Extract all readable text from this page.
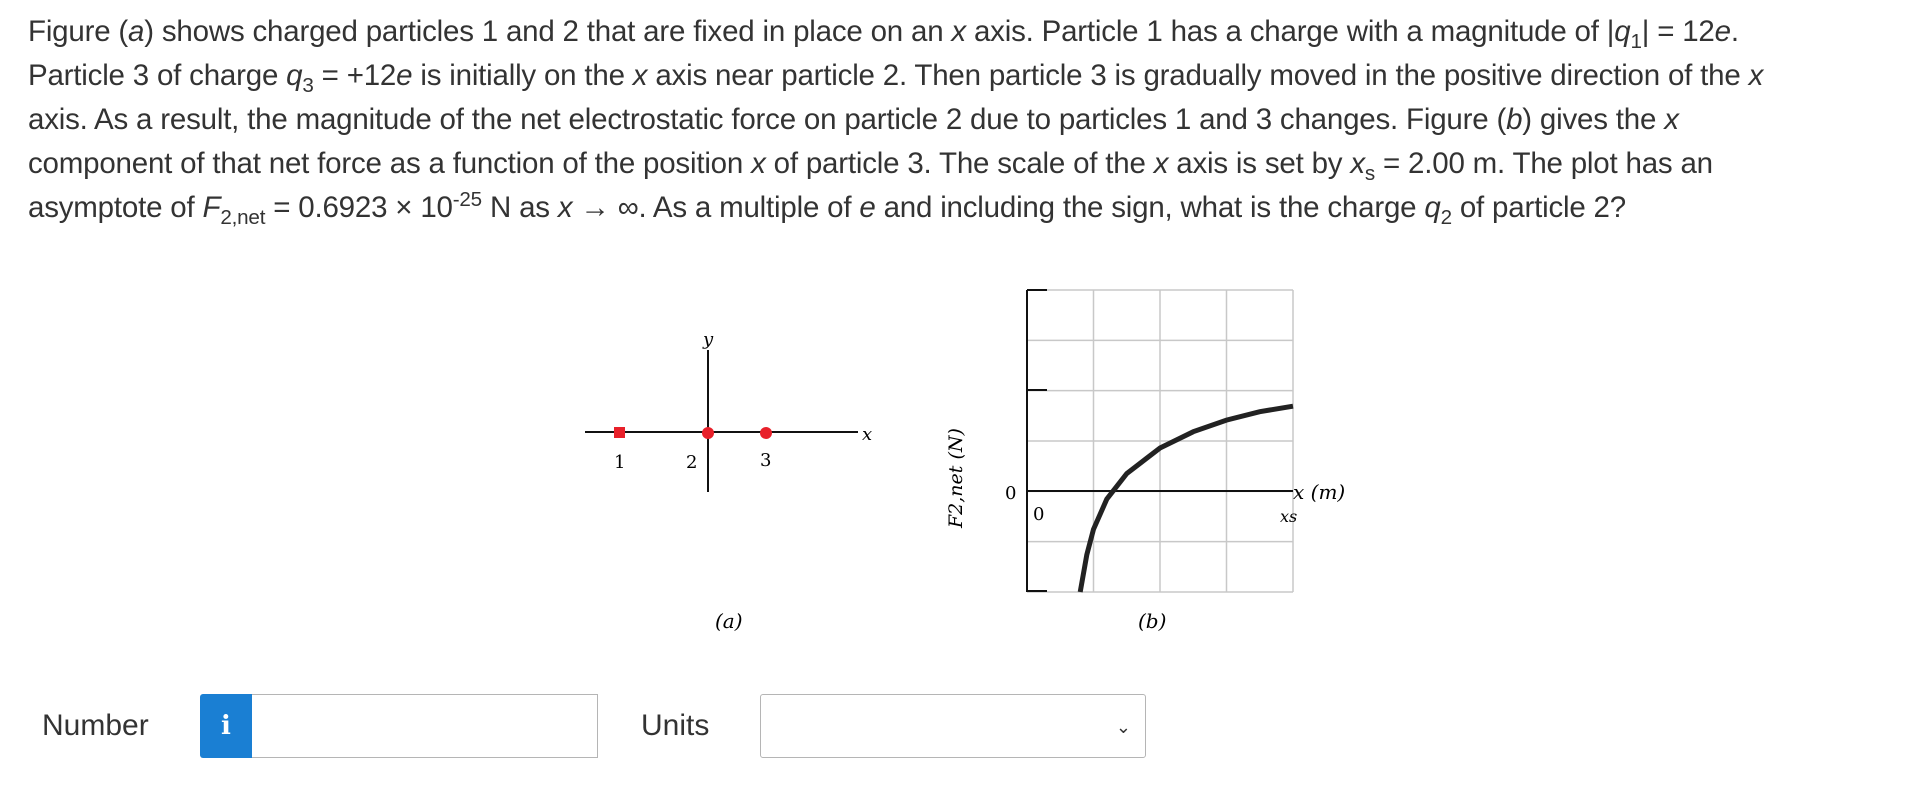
Figure (a) shows charged particles 1 and 2 that are fixed in place on an x axis. Particle 1 has a charge with a magnitude of $|q_1| = 12e$.

Particle 3 of charge $q_3 = +12e$ is initially on the x axis near particle 2. Then particle 3 is gradually moved in the positive direction of the x

axis. As a result, the magnitude of the net electrostatic force on particle 2 due to particles 1 and 3 changes. Figure (b) gives the x

component of that net force as a function of the position x of particle 3. The scale of the x axis is set by $x_s = 2.00$ m. The plot has an

asymptote of $F_{2,net} = 0.6923 \times 10^{-25}$ N as x → ∞. As a multiple of e and including the sign, what is the charge $q_2$ of particle 2?

y
x
1	2	3
(a)
x (m)
xs
0
0
F2,net (N)
(b)
Number	i	Units	⌄
